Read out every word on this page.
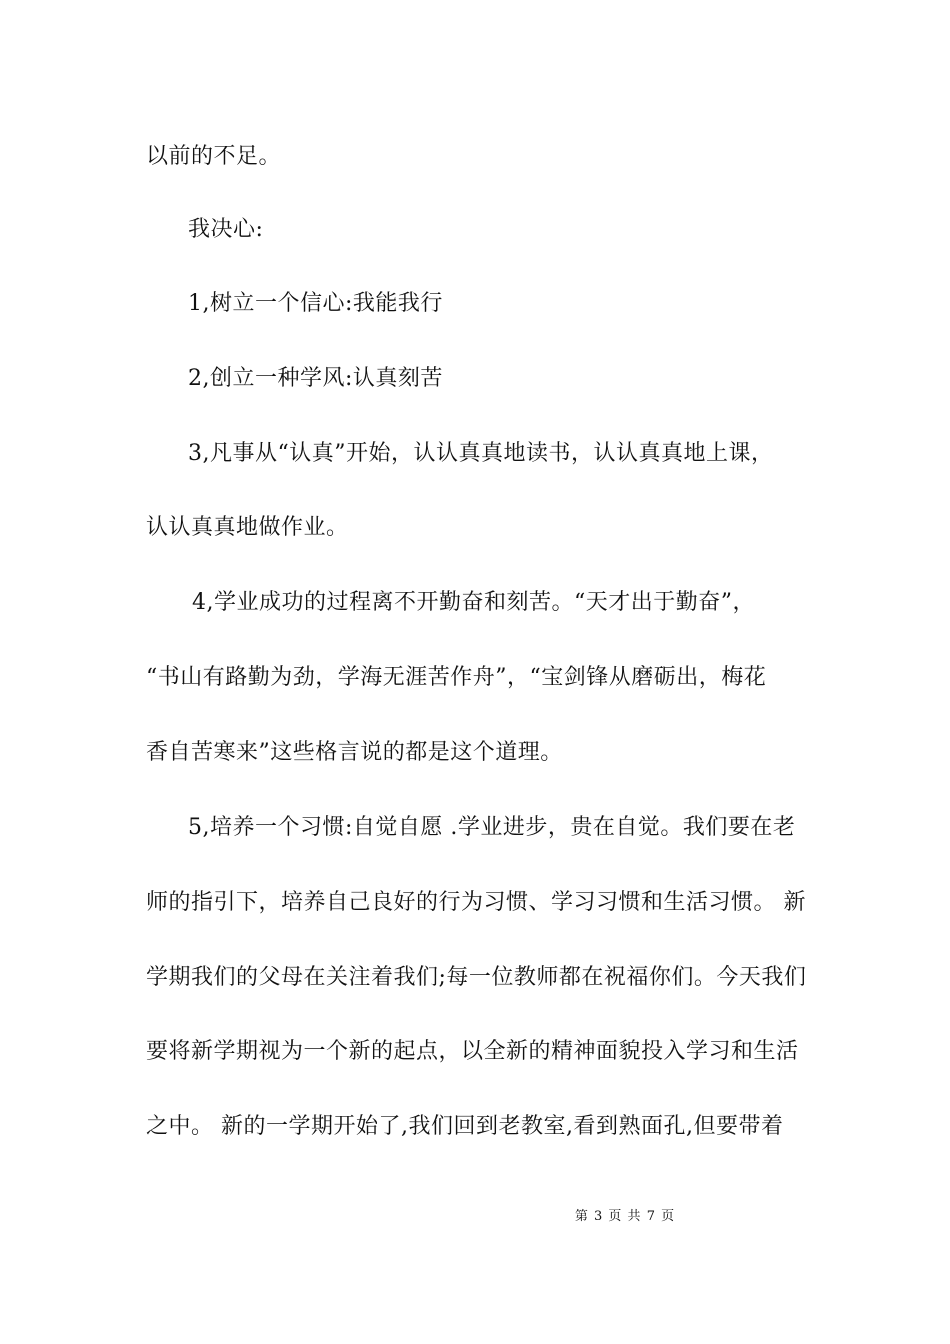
以前的不足。
我决心:
1,树立一个信心:我能我行
2,创立一种学风:认真刻苦
3,凡事从“认真”开始，认认真真地读书，认认真真地上课，
认认真真地做作业。
4,学业成功的过程离不开勤奋和刻苦。“天才出于勤奋”，
“书山有路勤为劲，学海无涯苦作舟”，“宝剑锋从磨砺出，梅花
香自苦寒来”这些格言说的都是这个道理。
5,培养一个习惯:自觉自愿 .学业进步，贵在自觉。我们要在老
师的指引下，培养自己良好的行为习惯、学习习惯和生活习惯。 新
学期我们的父母在关注着我们;每一位教师都在祝福你们。今天我们
要将新学期视为一个新的起点，以全新的精神面貌投入学习和生活
之中。 新的一学期开始了,我们回到老教室,看到熟面孔,但要带着
第 3 页 共 7 页
